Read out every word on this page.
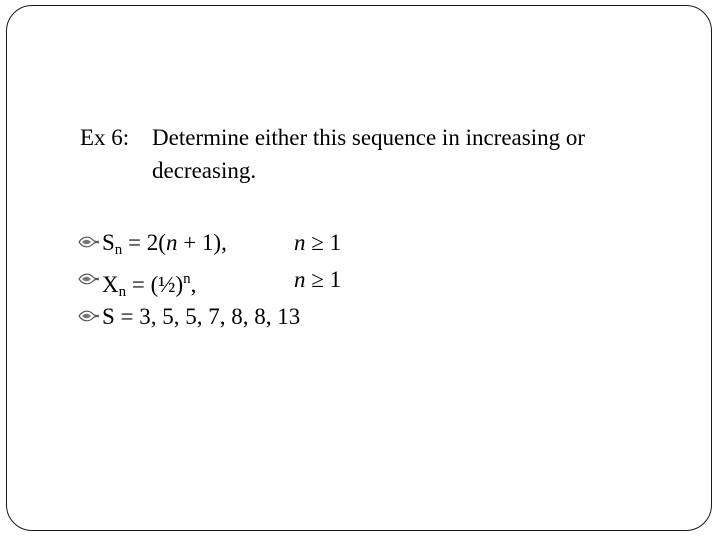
Ex 6: Determine either this sequence in increasing or decreasing.
$S_n = 2(n + 1)$,	n ≥ 1
$X_n$ = (½)$^n$,	n ≥ 1
S = 3, 5, 5, 7, 8, 8, 13
